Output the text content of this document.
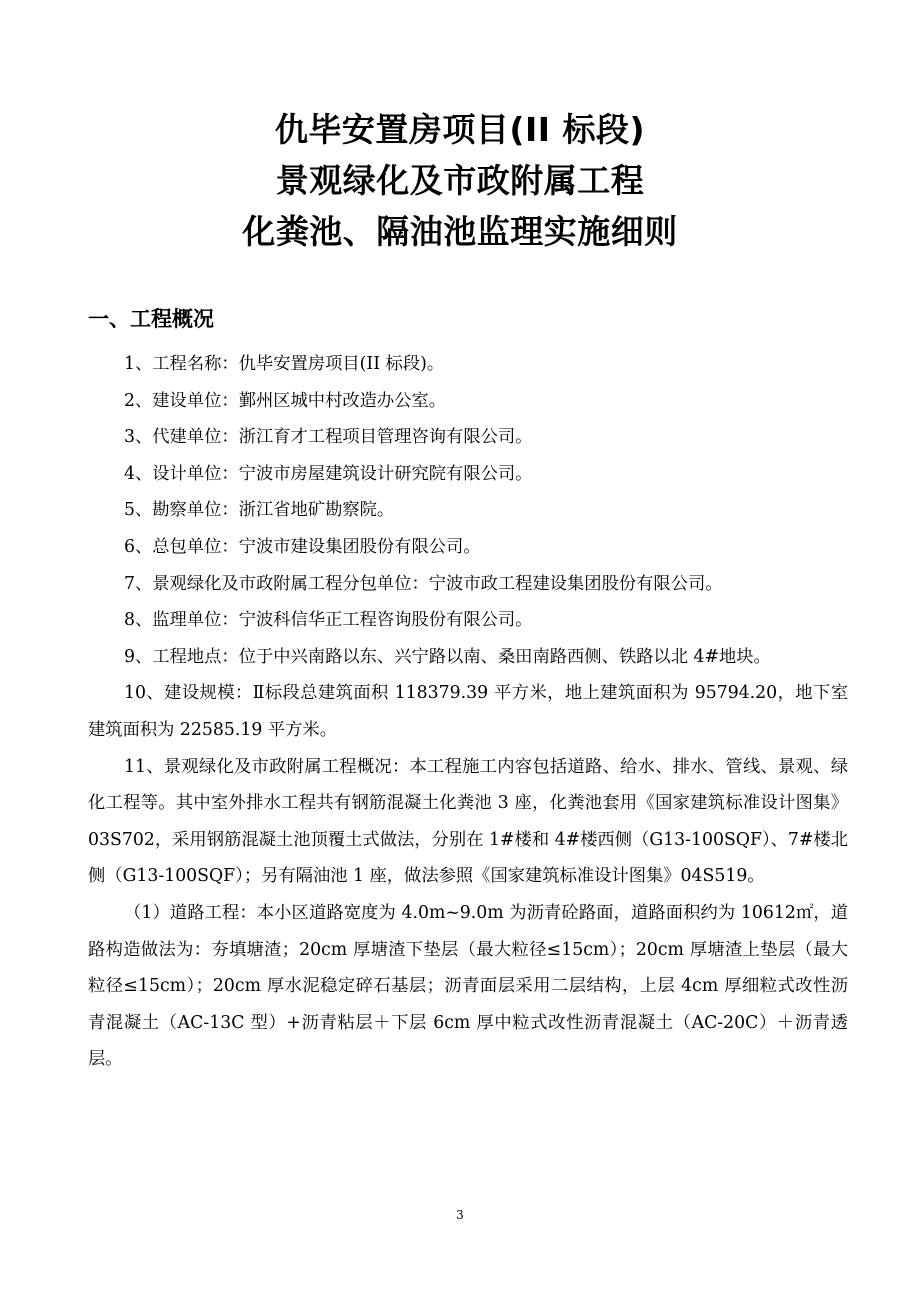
仇毕安置房项目(II 标段)
景观绿化及市政附属工程
化粪池、隔油池监理实施细则
一、工程概况

1、工程名称：仇毕安置房项目(II 标段)。

2、建设单位：鄞州区城中村改造办公室。

3、代建单位：浙江育才工程项目管理咨询有限公司。

4、设计单位：宁波市房屋建筑设计研究院有限公司。

5、勘察单位：浙江省地矿勘察院。

6、总包单位：宁波市建设集团股份有限公司。

7、景观绿化及市政附属工程分包单位：宁波市政工程建设集团股份有限公司。

8、监理单位：宁波科信华正工程咨询股份有限公司。

9、工程地点：位于中兴南路以东、兴宁路以南、桑田南路西侧、铁路以北 4#地块。

10、建设规模：Ⅱ标段总建筑面积 118379.39 平方米，地上建筑面积为 95794.20，地下室建筑面积为 22585.19 平方米。

11、景观绿化及市政附属工程概况：本工程施工内容包括道路、给水、排水、管线、景观、绿化工程等。其中室外排水工程共有钢筋混凝土化粪池 3 座，化粪池套用《国家建筑标准设计图集》03S702，采用钢筋混凝土池顶覆土式做法，分别在 1#楼和 4#楼西侧（G13-100SQF）、7#楼北侧（G13-100SQF）；另有隔油池 1 座，做法参照《国家建筑标准设计图集》04S519。

（1）道路工程：本小区道路宽度为 4.0m~9.0m 为沥青砼路面，道路面积约为 10612㎡，道路构造做法为：夯填塘渣；20cm 厚塘渣下垫层（最大粒径≤15cm）；20cm 厚塘渣上垫层（最大粒径≤15cm）；20cm 厚水泥稳定碎石基层；沥青面层采用二层结构，上层 4cm 厚细粒式改性沥青混凝土（AC-13C 型）+沥青粘层＋下层 6cm 厚中粒式改性沥青混凝土（AC-20C）＋沥青透层。

3
